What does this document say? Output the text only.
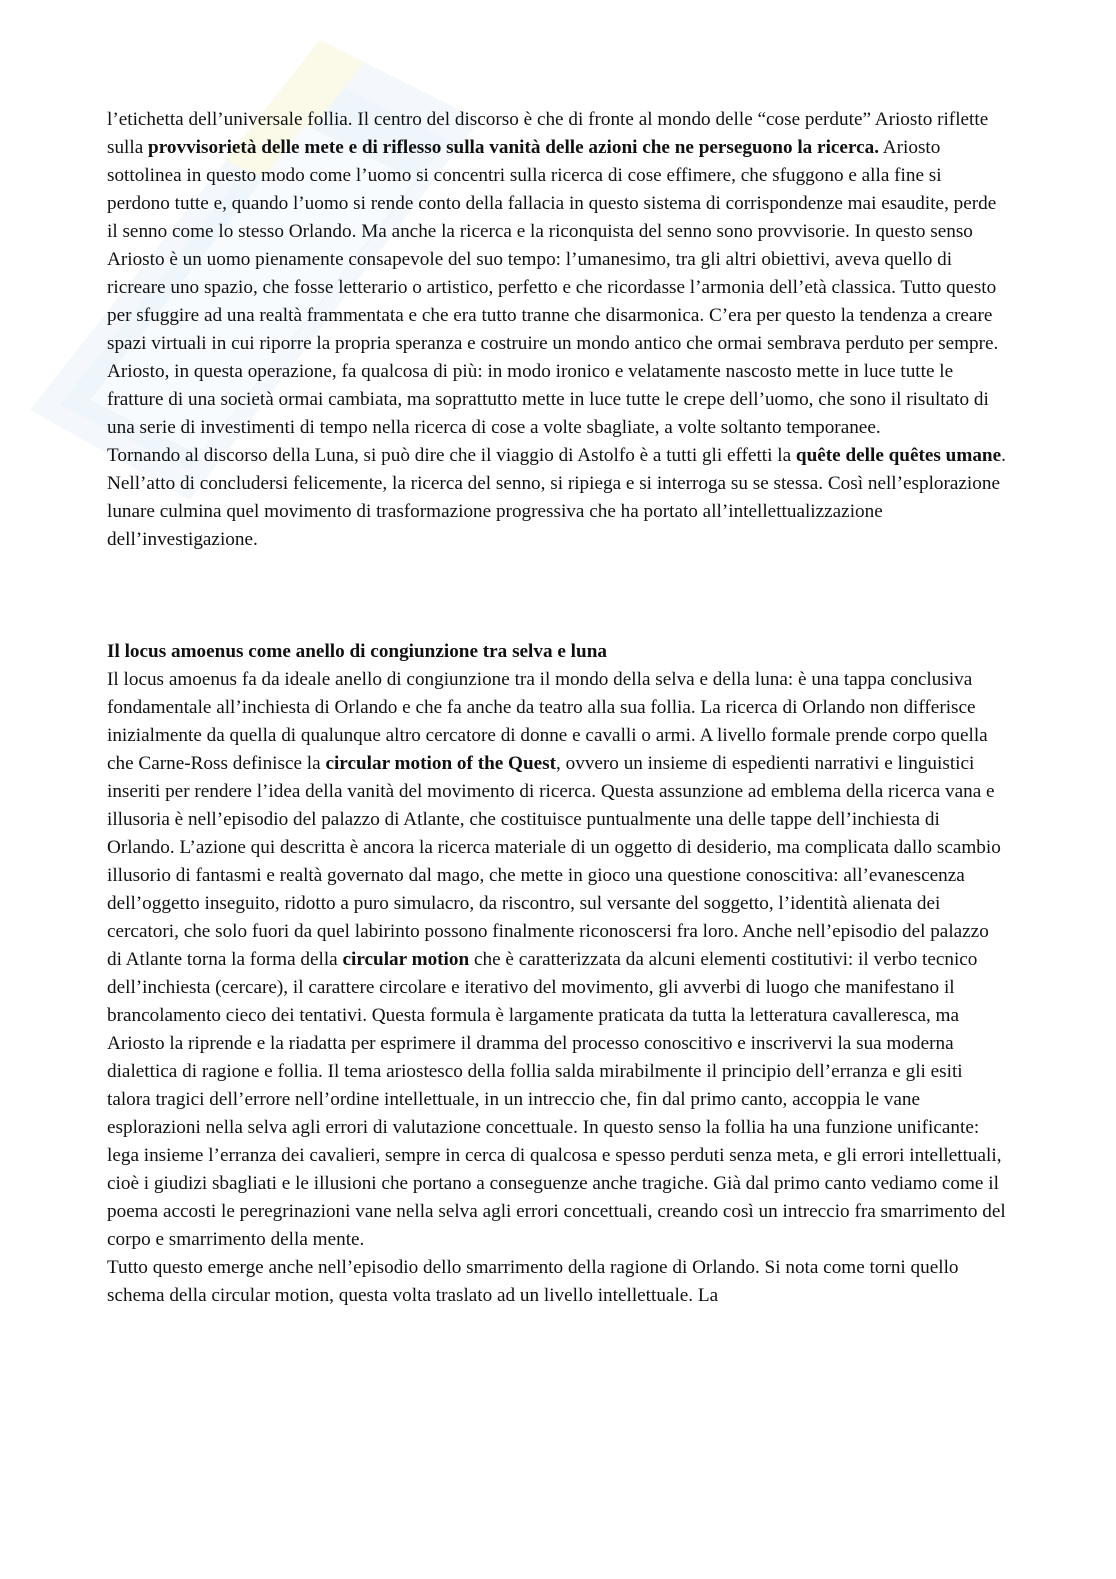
l’etichetta dell’universale follia. Il centro del discorso è che di fronte al mondo delle “cose perdute” Ariosto riflette sulla provvisorietà delle mete e di riflesso sulla vanità delle azioni che ne perseguono la ricerca. Ariosto sottolinea in questo modo come l’uomo si concentri sulla ricerca di cose effimere, che sfuggono e alla fine si perdono tutte e, quando l’uomo si rende conto della fallacia in questo sistema di corrispondenze mai esaudite, perde il senno come lo stesso Orlando. Ma anche la ricerca e la riconquista del senno sono provvisorie. In questo senso Ariosto è un uomo pienamente consapevole del suo tempo: l’umanesimo, tra gli altri obiettivi, aveva quello di ricreare uno spazio, che fosse letterario o artistico, perfetto e che ricordasse l’armonia dell’età classica. Tutto questo per sfuggire ad una realtà frammentata e che era tutto tranne che disarmonica. C’era per questo la tendenza a creare spazi virtuali in cui riporre la propria speranza e costruire un mondo antico che ormai sembrava perduto per sempre. Ariosto, in questa operazione, fa qualcosa di più: in modo ironico e velatamente nascosto mette in luce tutte le fratture di una società ormai cambiata, ma soprattutto mette in luce tutte le crepe dell’uomo, che sono il risultato di una serie di investimenti di tempo nella ricerca di cose a volte sbagliate, a volte soltanto temporanee.

Tornando al discorso della Luna, si può dire che il viaggio di Astolfo è a tutti gli effetti la quête delle quêtes umane. Nell’atto di concludersi felicemente, la ricerca del senno, si ripiega e si interroga su se stessa. Così nell’esplorazione lunare culmina quel movimento di trasformazione progressiva che ha portato all’intellettualizzazione dell’investigazione.

Il locus amoenus come anello di congiunzione tra selva e luna

Il locus amoenus fa da ideale anello di congiunzione tra il mondo della selva e della luna: è una tappa conclusiva fondamentale all’inchiesta di Orlando e che fa anche da teatro alla sua follia. La ricerca di Orlando non differisce inizialmente da quella di qualunque altro cercatore di donne e cavalli o armi. A livello formale prende corpo quella che Carne-Ross definisce la circular motion of the Quest, ovvero un insieme di espedienti narrativi e linguistici inseriti per rendere l’idea della vanità del movimento di ricerca. Questa assunzione ad emblema della ricerca vana e illusoria è nell’episodio del palazzo di Atlante, che costituisce puntualmente una delle tappe dell’inchiesta di Orlando. L’azione qui descritta è ancora la ricerca materiale di un oggetto di desiderio, ma complicata dallo scambio illusorio di fantasmi e realtà governato dal mago, che mette in gioco una questione conoscitiva: all’evanescenza dell’oggetto inseguito, ridotto a puro simulacro, da riscontro, sul versante del soggetto, l’identità alienata dei cercatori, che solo fuori da quel labirinto possono finalmente riconoscersi fra loro. Anche nell’episodio del palazzo di Atlante torna la forma della circular motion che è caratterizzata da alcuni elementi costitutivi: il verbo tecnico dell’inchiesta (cercare), il carattere circolare e iterativo del movimento, gli avverbi di luogo che manifestano il brancolamento cieco dei tentativi. Questa formula è largamente praticata da tutta la letteratura cavalleresca, ma Ariosto la riprende e la riadatta per esprimere il dramma del processo conoscitivo e inscrivervi la sua moderna dialettica di ragione e follia. Il tema ariostesco della follia salda mirabilmente il principio dell’erranza e gli esiti talora tragici dell’errore nell’ordine intellettuale, in un intreccio che, fin dal primo canto, accoppia le vane esplorazioni nella selva agli errori di valutazione concettuale. In questo senso la follia ha una funzione unificante: lega insieme l’erranza dei cavalieri, sempre in cerca di qualcosa e spesso perduti senza meta, e gli errori intellettuali, cioè i giudizi sbagliati e le illusioni che portano a conseguenze anche tragiche. Già dal primo canto vediamo come il poema accosti le peregrinazioni vane nella selva agli errori concettuali, creando così un intreccio fra smarrimento del corpo e smarrimento della mente.

Tutto questo emerge anche nell’episodio dello smarrimento della ragione di Orlando. Si nota come torni quello schema della circular motion, questa volta traslato ad un livello intellettuale. La
